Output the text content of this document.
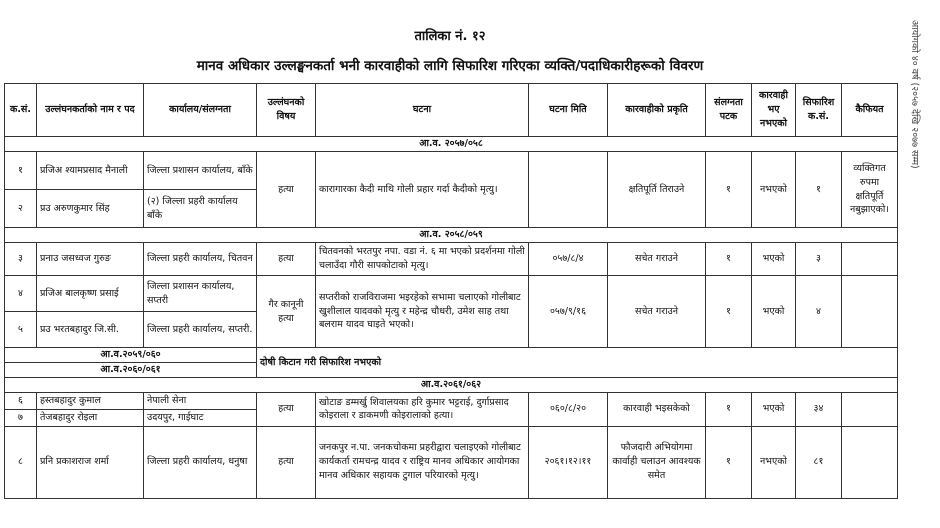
तालिका नं. १२
मानव अधिकार उल्लङ्घनकर्ता भनी कारवाहीको लागि सिफारिश गरिएका व्यक्ति/पदाधिकारीहरूको विवरण	आयोगको ४० वर्ष (२०५७ देखि २०७७ सम्म)
क.सं.	उल्लंघनकर्ताको नाम र पद	कार्यालय/संलग्नता	उल्लंघनको विषय	घटना	घटना मिति	कारवाहीको प्रकृति	संलग्नता पटक	कारवाही भए नभएको	सिफारिश क.सं.	कैफियत
आ.व. २०५७/०५८										
१	प्रजिअ श्यामप्रसाद मैनाली	जिल्ला प्रशासन कार्यालय, बाँके	हत्या	कारागारका कैदी माथि गोली प्रहार गर्दा कैदीको मृत्यु।		क्षतिपूर्ति तिराउने	१	नभएको	१	व्यक्तिगत रुपमा क्षतिपूर्ति नबुझाएको।
२	प्रउ अरुणकुमार सिंह	(२) जिल्ला प्रहरी कार्यालय बाँके								
आ.व. २०५८/०५९										
३	प्रनाउ जसध्वज गुरुङ	जिल्ला प्रहरी कार्यालय, चितवन	हत्या	चितवनको भरतपुर नपा. वडा नं. ६ मा भएको प्रदर्शनमा गोली चलाउँदा गौरी सापकोटाको मृत्यु।	०५७/८/४	सचेत गराउने	१	भएको	३	
४	प्रजिअ बालकृष्ण प्रसाई	जिल्ला प्रशासन कार्यालय, सप्तरी	गैर कानूनी हत्या	सप्तरीको राजविराजमा भइरहेको सभामा चलाएको गोलीबाट खुशीलाल यादवको मृत्यु र महेन्द्र चौधरी, उमेश साह तथा बलराम यादव घाइते भएको।	०५७/९/१६	सचेत गराउने	१	भएको	४	
५	प्रउ भरतबहादुर जि.सी.	जिल्ला प्रहरी कार्यालय, सप्तरी.								
आ.व.२०५९/०६०			दोषी किटान गरी सिफारिश नभएको							
आ.व.२०६०/०६१										
आ.व.२०६१/०६२										
६	हस्तबहादुर कुमाल	नेपाली सेना	हत्या	खोटाङ डम्मर्खु शिवालयका हरि कुमार भट्टराई, दुर्गाप्रसाद कोइराला र डाकमणी कोइरालाको हत्या।	०६०/८/२०	कारवाही भइसकेको	१	भएको	३४	
७	तेजबहादुर रोइला	उदयपुर, गाईघाट								
८	प्रनि प्रकाशराज शर्मा	जिल्ला प्रहरी कार्यालय, धनुषा	हत्या	जनकपुर न.पा. जनकचोकमा प्रहरीद्वारा चलाइएको गोलीबाट कार्यकर्ता रामचन्द्र यादव र राष्ट्रिय मानव अधिकार आयोगका मानव अधिकार सहायक टुगाल परियारको मृत्यु।	२०६१।१२।११	फौजदारी अभियोगमा कार्वाही चलाउन आवश्यक समेत	१	नभएको	८१	
